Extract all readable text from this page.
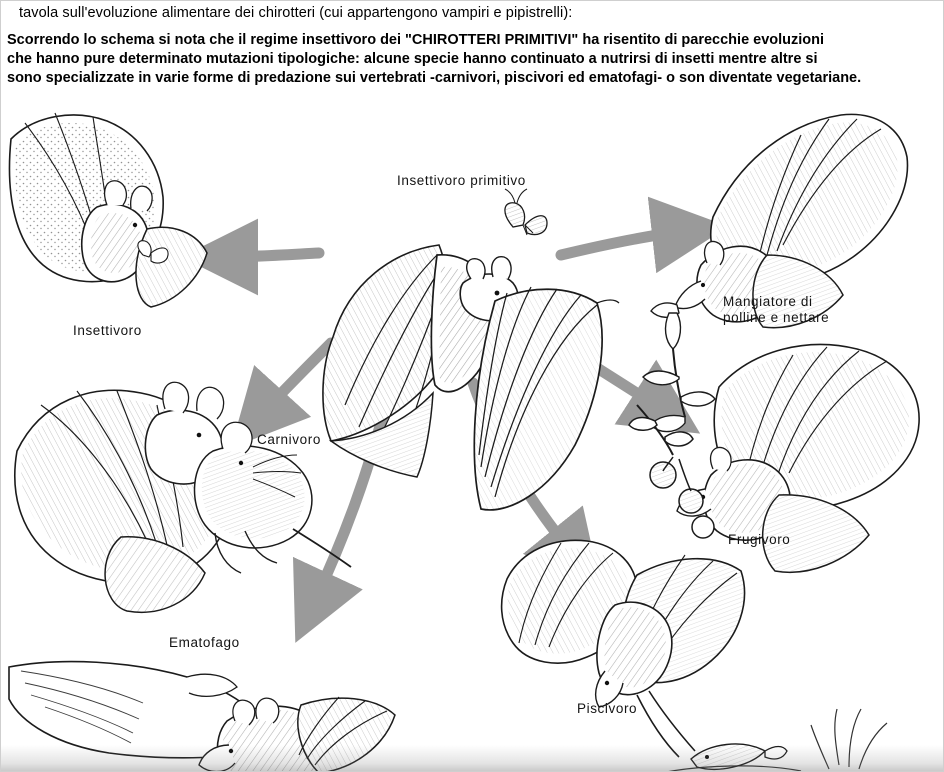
tavola sull'evoluzione alimentare dei chirotteri (cui appartengono vampiri e pipistrelli):
Scorrendo lo schema si nota che il regime insettivoro dei "CHIROTTERI PRIMITIVI" ha risentito di parecchie evoluzioni
che hanno pure determinato mutazioni tipologiche: alcune specie hanno continuato a nutrirsi di insetti mentre altre si
sono specializzate in varie forme di predazione sui vertebrati -carnivori, piscivori ed ematofagi- o son diventate vegetariane.
Insettivoro primitivo
Insettivoro
Mangiatore di
polline e nettare
Carnivoro
Frugivoro
Ematofago
Piscivoro
